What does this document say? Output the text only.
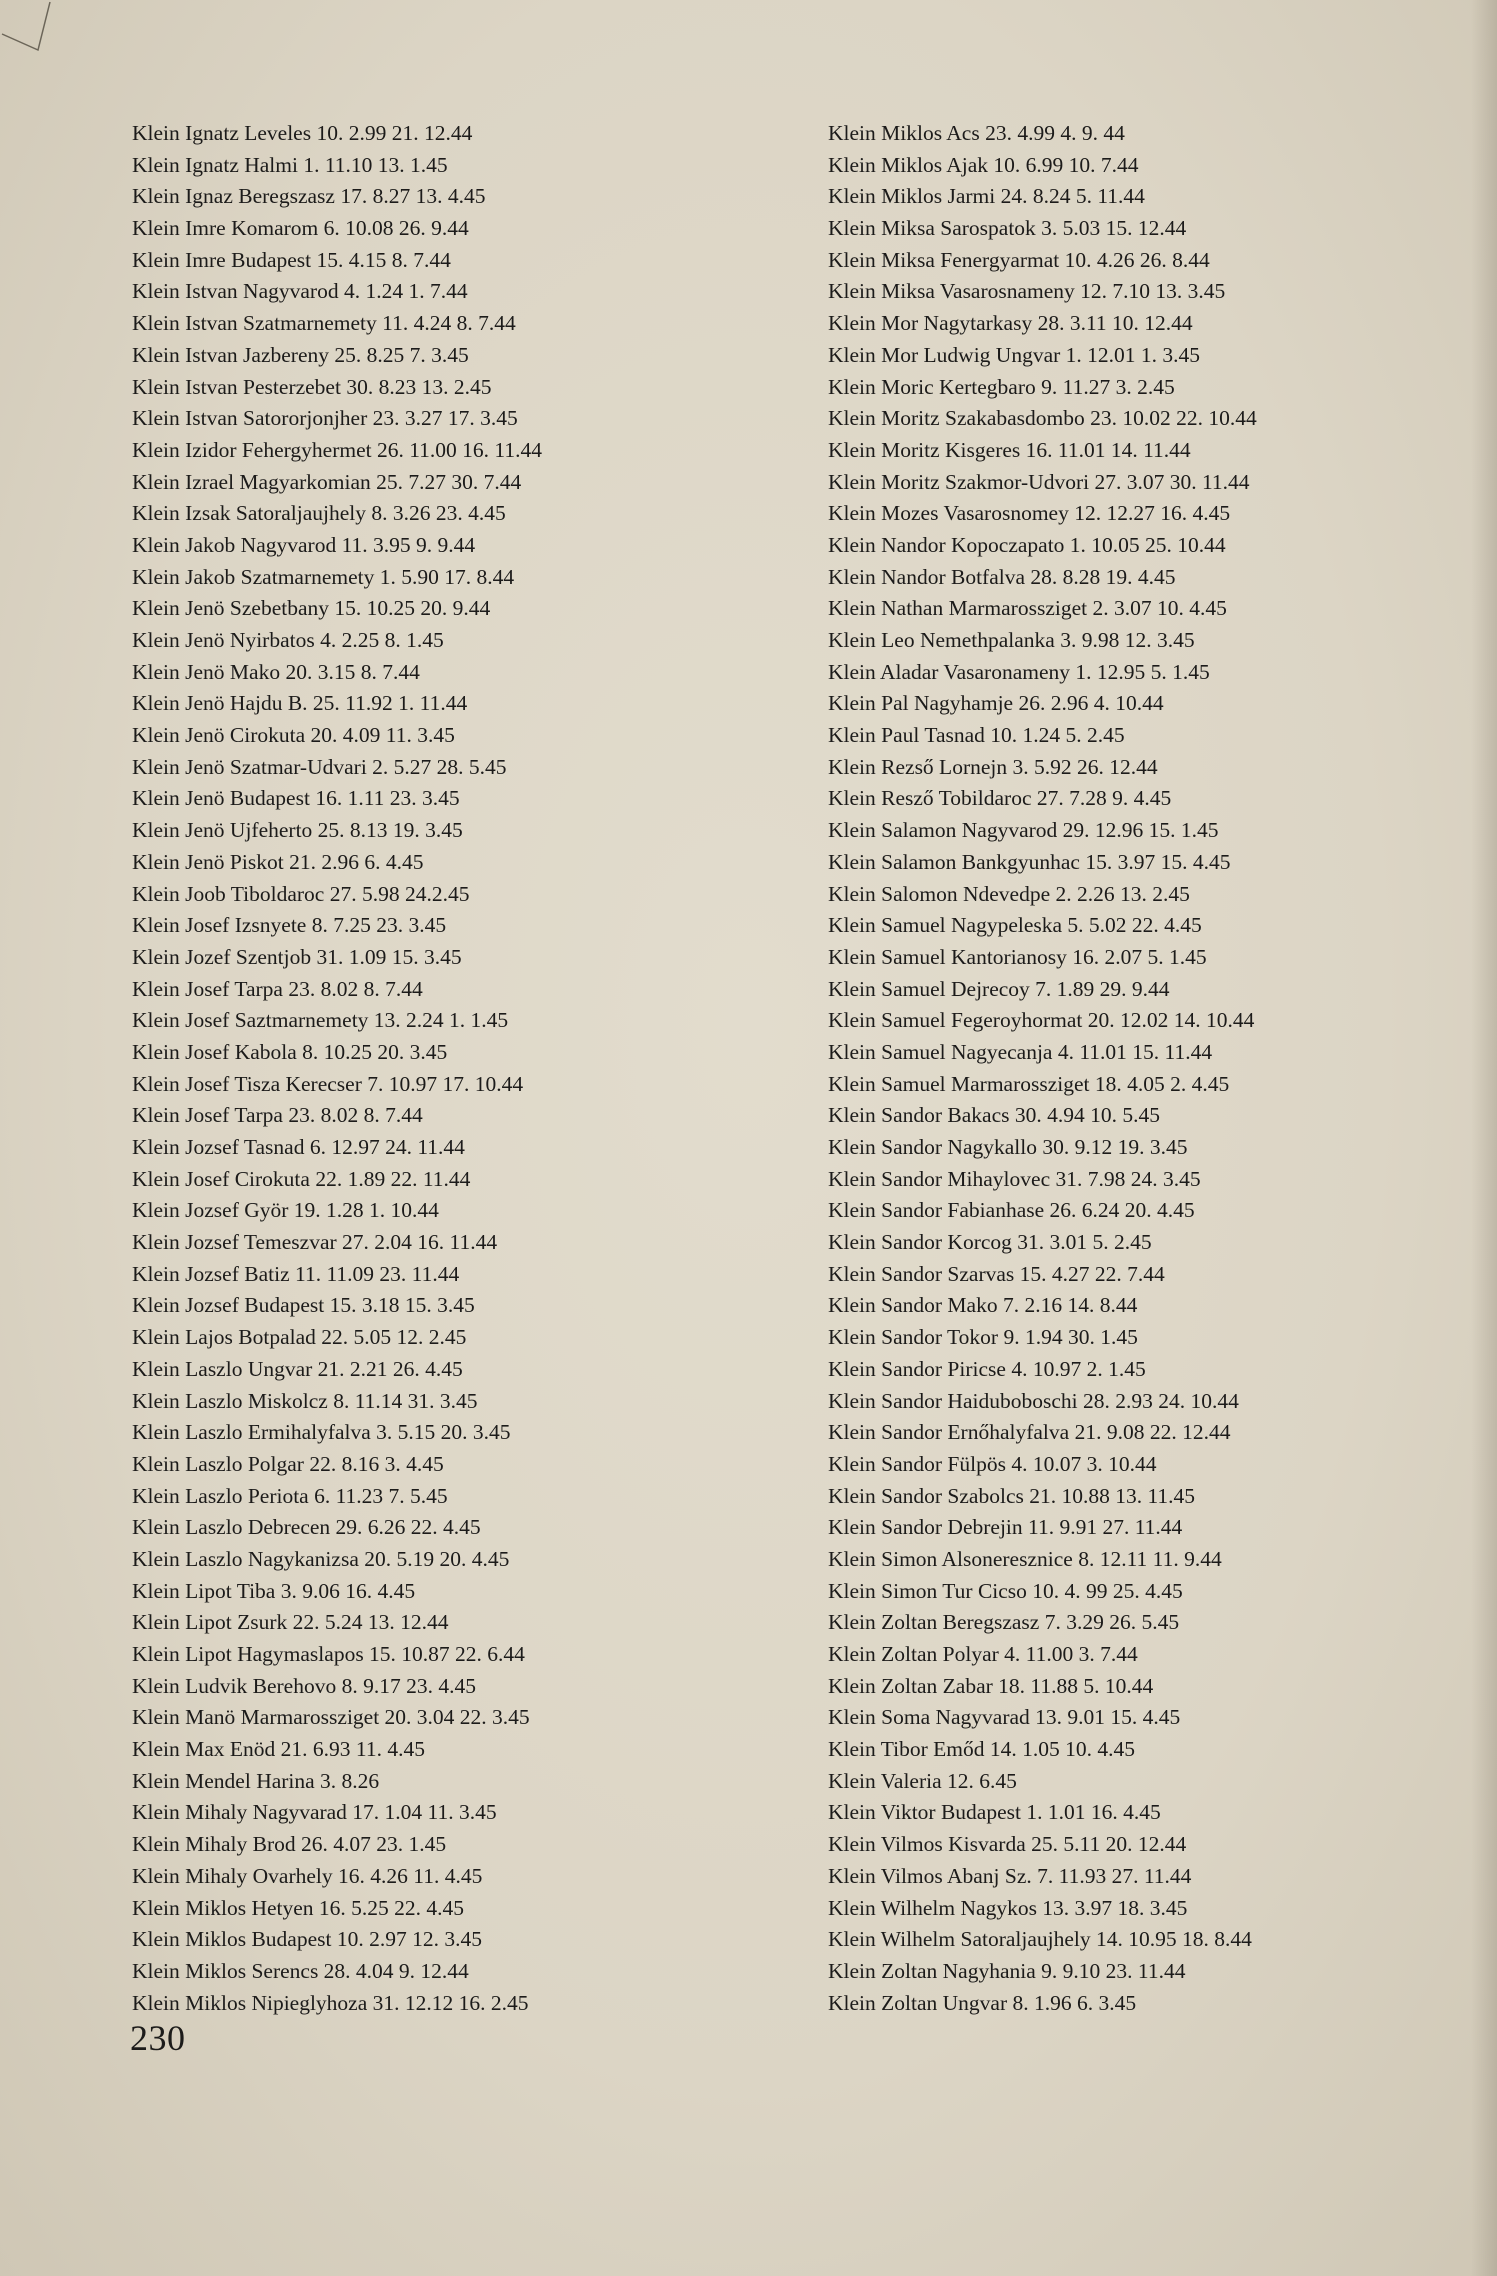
Klein Ignatz Leveles 10. 2.99 21. 12.44
Klein Ignatz Halmi 1. 11.10 13. 1.45
Klein Ignaz Beregszasz 17. 8.27 13. 4.45
Klein Imre Komarom 6. 10.08 26. 9.44
Klein Imre Budapest 15. 4.15 8. 7.44
Klein Istvan Nagyvarod 4. 1.24 1. 7.44
Klein Istvan Szatmarnemety 11. 4.24 8. 7.44
Klein Istvan Jazbereny 25. 8.25 7. 3.45
Klein Istvan Pesterzebet 30. 8.23 13. 2.45
Klein Istvan Satororjonjher 23. 3.27 17. 3.45
Klein Izidor Fehergyhermet 26. 11.00 16. 11.44
Klein Izrael Magyarkomian 25. 7.27 30. 7.44
Klein Izsak Satoraljaujhely 8. 3.26 23. 4.45
Klein Jakob Nagyvarod 11. 3.95 9. 9.44
Klein Jakob Szatmarnemety 1. 5.90 17. 8.44
Klein Jenö Szebetbany 15. 10.25 20. 9.44
Klein Jenö Nyirbatos 4. 2.25 8. 1.45
Klein Jenö Mako 20. 3.15 8. 7.44
Klein Jenö Hajdu B. 25. 11.92 1. 11.44
Klein Jenö Cirokuta 20. 4.09 11. 3.45
Klein Jenö Szatmar-Udvari 2. 5.27 28. 5.45
Klein Jenö Budapest 16. 1.11 23. 3.45
Klein Jenö Ujfeherto 25. 8.13 19. 3.45
Klein Jenö Piskot 21. 2.96 6. 4.45
Klein Joob Tiboldaroc 27. 5.98 24.2.45
Klein Josef Izsnyete 8. 7.25 23. 3.45
Klein Jozef Szentjob 31. 1.09 15. 3.45
Klein Josef Tarpa 23. 8.02 8. 7.44
Klein Josef Saztmarnemety 13. 2.24 1. 1.45
Klein Josef Kabola 8. 10.25 20. 3.45
Klein Josef Tisza Kerecser 7. 10.97 17. 10.44
Klein Josef Tarpa 23. 8.02 8. 7.44
Klein Jozsef Tasnad 6. 12.97 24. 11.44
Klein Josef Cirokuta 22. 1.89 22. 11.44
Klein Jozsef Györ 19. 1.28 1. 10.44
Klein Jozsef Temeszvar 27. 2.04 16. 11.44
Klein Jozsef Batiz 11. 11.09 23. 11.44
Klein Jozsef Budapest 15. 3.18 15. 3.45
Klein Lajos Botpalad 22. 5.05 12. 2.45
Klein Laszlo Ungvar 21. 2.21 26. 4.45
Klein Laszlo Miskolcz 8. 11.14 31. 3.45
Klein Laszlo Ermihalyfalva 3. 5.15 20. 3.45
Klein Laszlo Polgar 22. 8.16 3. 4.45
Klein Laszlo Periota 6. 11.23 7. 5.45
Klein Laszlo Debrecen 29. 6.26 22. 4.45
Klein Laszlo Nagykanizsa 20. 5.19 20. 4.45
Klein Lipot Tiba 3. 9.06 16. 4.45
Klein Lipot Zsurk 22. 5.24 13. 12.44
Klein Lipot Hagymaslapos 15. 10.87 22. 6.44
Klein Ludvik Berehovo 8. 9.17 23. 4.45
Klein Manö Marmarossziget 20. 3.04 22. 3.45
Klein Max Enöd 21. 6.93 11. 4.45
Klein Mendel Harina 3. 8.26
Klein Mihaly Nagyvarad 17. 1.04 11. 3.45
Klein Mihaly Brod 26. 4.07 23. 1.45
Klein Mihaly Ovarhely 16. 4.26 11. 4.45
Klein Miklos Hetyen 16. 5.25 22. 4.45
Klein Miklos Budapest 10. 2.97 12. 3.45
Klein Miklos Serencs 28. 4.04 9. 12.44
Klein Miklos Nipieglyhoza 31. 12.12 16. 2.45
Klein Miklos Acs 23. 4.99 4. 9. 44
Klein Miklos Ajak 10. 6.99 10. 7.44
Klein Miklos Jarmi 24. 8.24 5. 11.44
Klein Miksa Sarospatok 3. 5.03 15. 12.44
Klein Miksa Fenergyarmat 10. 4.26 26. 8.44
Klein Miksa Vasarosnameny 12. 7.10 13. 3.45
Klein Mor Nagytarkasy 28. 3.11 10. 12.44
Klein Mor Ludwig Ungvar 1. 12.01 1. 3.45
Klein Moric Kertegbaro 9. 11.27 3. 2.45
Klein Moritz Szakabasdombo 23. 10.02 22. 10.44
Klein Moritz Kisgeres 16. 11.01 14. 11.44
Klein Moritz Szakmor-Udvori 27. 3.07 30. 11.44
Klein Mozes Vasarosnomey 12. 12.27 16. 4.45
Klein Nandor Kopoczapato 1. 10.05 25. 10.44
Klein Nandor Botfalva 28. 8.28 19. 4.45
Klein Nathan Marmarossziget 2. 3.07 10. 4.45
Klein Leo Nemethpalanka 3. 9.98 12. 3.45
Klein Aladar Vasaronameny 1. 12.95 5. 1.45
Klein Pal Nagyhamje 26. 2.96 4. 10.44
Klein Paul Tasnad 10. 1.24 5. 2.45
Klein Rezső Lornejn 3. 5.92 26. 12.44
Klein Resző Tobildaroc 27. 7.28 9. 4.45
Klein Salamon Nagyvarod 29. 12.96 15. 1.45
Klein Salamon Bankgyunhac 15. 3.97 15. 4.45
Klein Salomon Ndevedpe 2. 2.26 13. 2.45
Klein Samuel Nagypeleska 5. 5.02 22. 4.45
Klein Samuel Kantorianosy 16. 2.07 5. 1.45
Klein Samuel Dejrecoy 7. 1.89 29. 9.44
Klein Samuel Fegeroyhormat 20. 12.02 14. 10.44
Klein Samuel Nagyecanja 4. 11.01 15. 11.44
Klein Samuel Marmarossziget 18. 4.05 2. 4.45
Klein Sandor Bakacs 30. 4.94 10. 5.45
Klein Sandor Nagykallo 30. 9.12 19. 3.45
Klein Sandor Mihaylovec 31. 7.98 24. 3.45
Klein Sandor Fabianhase 26. 6.24 20. 4.45
Klein Sandor Korcog 31. 3.01 5. 2.45
Klein Sandor Szarvas 15. 4.27 22. 7.44
Klein Sandor Mako 7. 2.16 14. 8.44
Klein Sandor Tokor 9. 1.94 30. 1.45
Klein Sandor Piricse 4. 10.97 2. 1.45
Klein Sandor Haiduboboschi 28. 2.93 24. 10.44
Klein Sandor Ernőhalyfalva 21. 9.08 22. 12.44
Klein Sandor Fülpös 4. 10.07 3. 10.44
Klein Sandor Szabolcs 21. 10.88 13. 11.45
Klein Sandor Debrejin 11. 9.91 27. 11.44
Klein Simon Alsoneresznice 8. 12.11 11. 9.44
Klein Simon Tur Cicso 10. 4. 99 25. 4.45
Klein Zoltan Beregszasz 7. 3.29 26. 5.45
Klein Zoltan Polyar 4. 11.00 3. 7.44
Klein Zoltan Zabar 18. 11.88 5. 10.44
Klein Soma Nagyvarad 13. 9.01 15. 4.45
Klein Tibor Emőd 14. 1.05 10. 4.45
Klein Valeria 12. 6.45
Klein Viktor Budapest 1. 1.01 16. 4.45
Klein Vilmos Kisvarda 25. 5.11 20. 12.44
Klein Vilmos Abanj Sz. 7. 11.93 27. 11.44
Klein Wilhelm Nagykos 13. 3.97 18. 3.45
Klein Wilhelm Satoraljaujhely 14. 10.95 18. 8.44
Klein Zoltan Nagyhania 9. 9.10 23. 11.44
Klein Zoltan Ungvar 8. 1.96 6. 3.45
230
